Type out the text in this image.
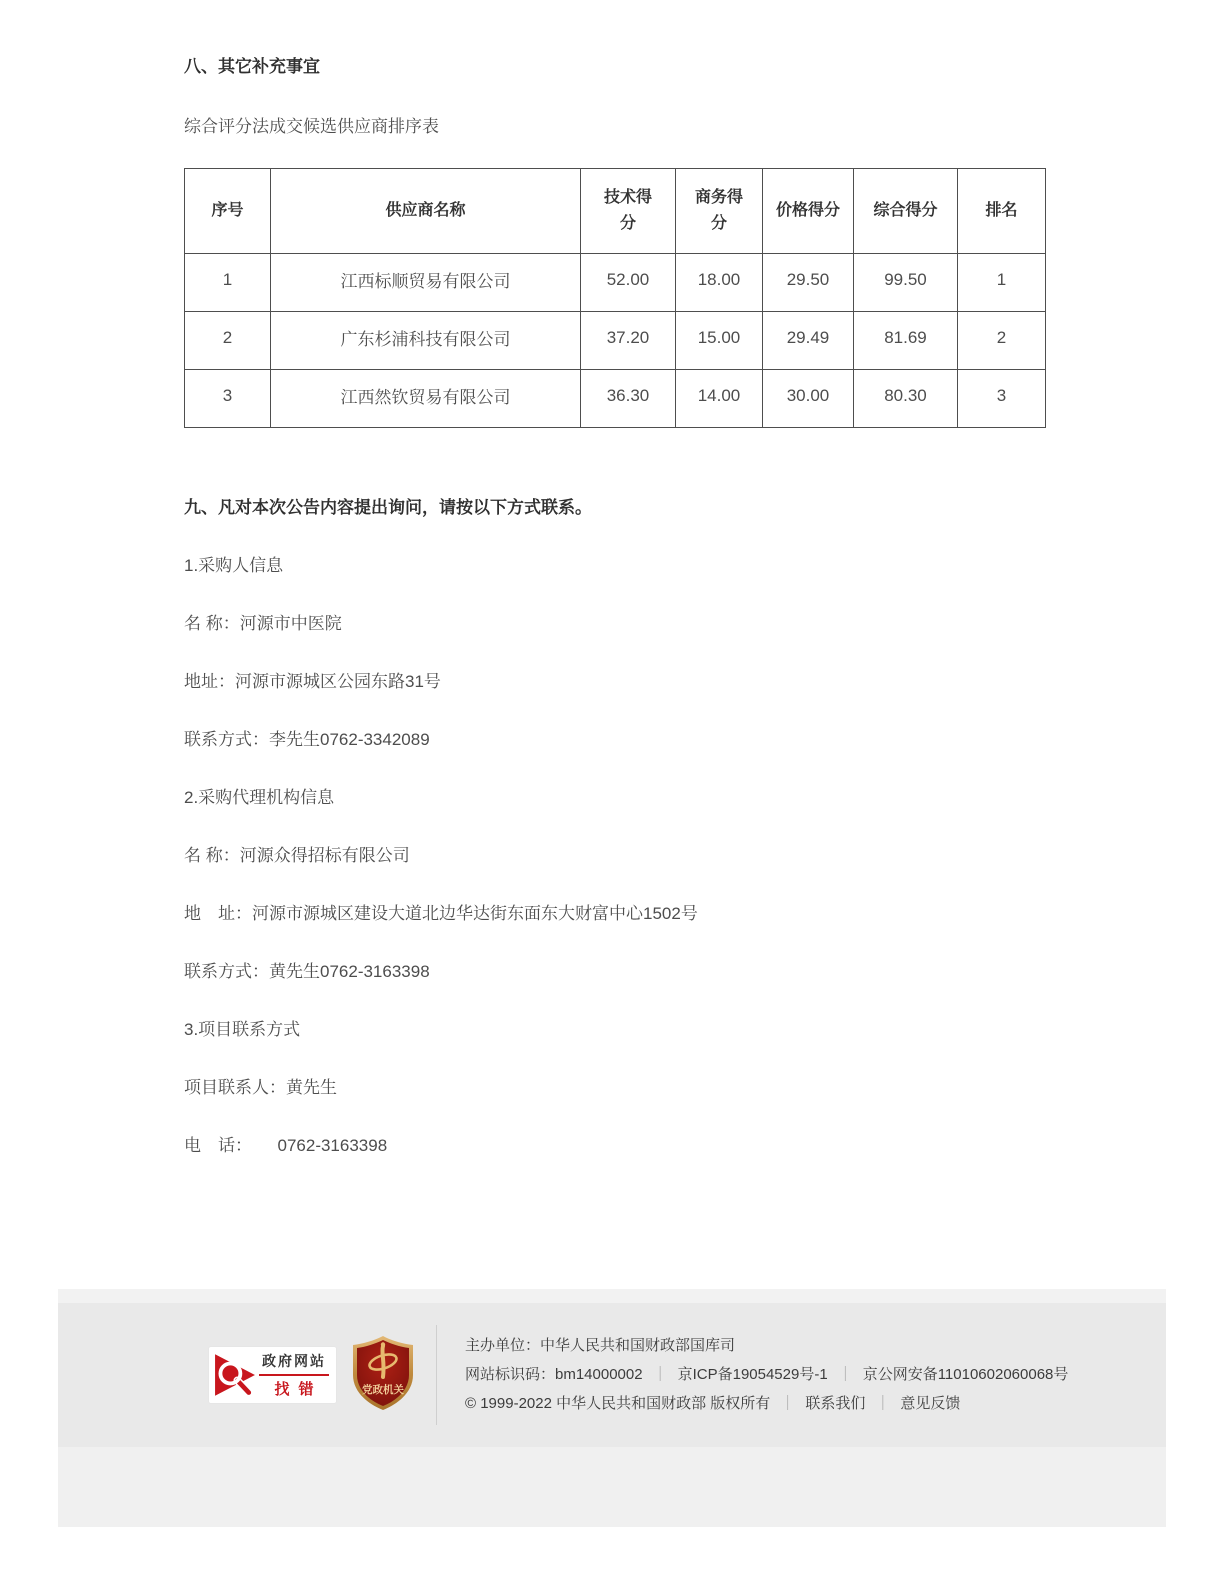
八、其它补充事宜

综合评分法成交候选供应商排序表

序号	供应商名称	技术得分	商务得分	价格得分	综合得分	排名
1	江西标顺贸易有限公司	52.00	18.00	29.50	99.50	1
2	广东杉浦科技有限公司	37.20	15.00	29.49	81.69	2
3	江西然钦贸易有限公司	36.30	14.00	30.00	80.30	3

九、凡对本次公告内容提出询问，请按以下方式联系。

1.采购人信息

名 称：河源市中医院

地址：河源市源城区公园东路31号

联系方式：李先生0762-3342089

2.采购代理机构信息

名 称：河源众得招标有限公司

地　址：河源市源城区建设大道北边华达街东面东大财富中心1502号

联系方式：黄先生0762-3163398

3.项目联系方式

项目联系人：黄先生

电　话：　　0762-3163398

政府网站
找错	党政机关
主办单位：中华人民共和国财政部国库司
网站标识码：bm14000002 ｜ 京ICP备19054529号-1 ｜ 京公网安备11010602060068号
© 1999-2022 中华人民共和国财政部 版权所有 ｜ 联系我们 ｜ 意见反馈
